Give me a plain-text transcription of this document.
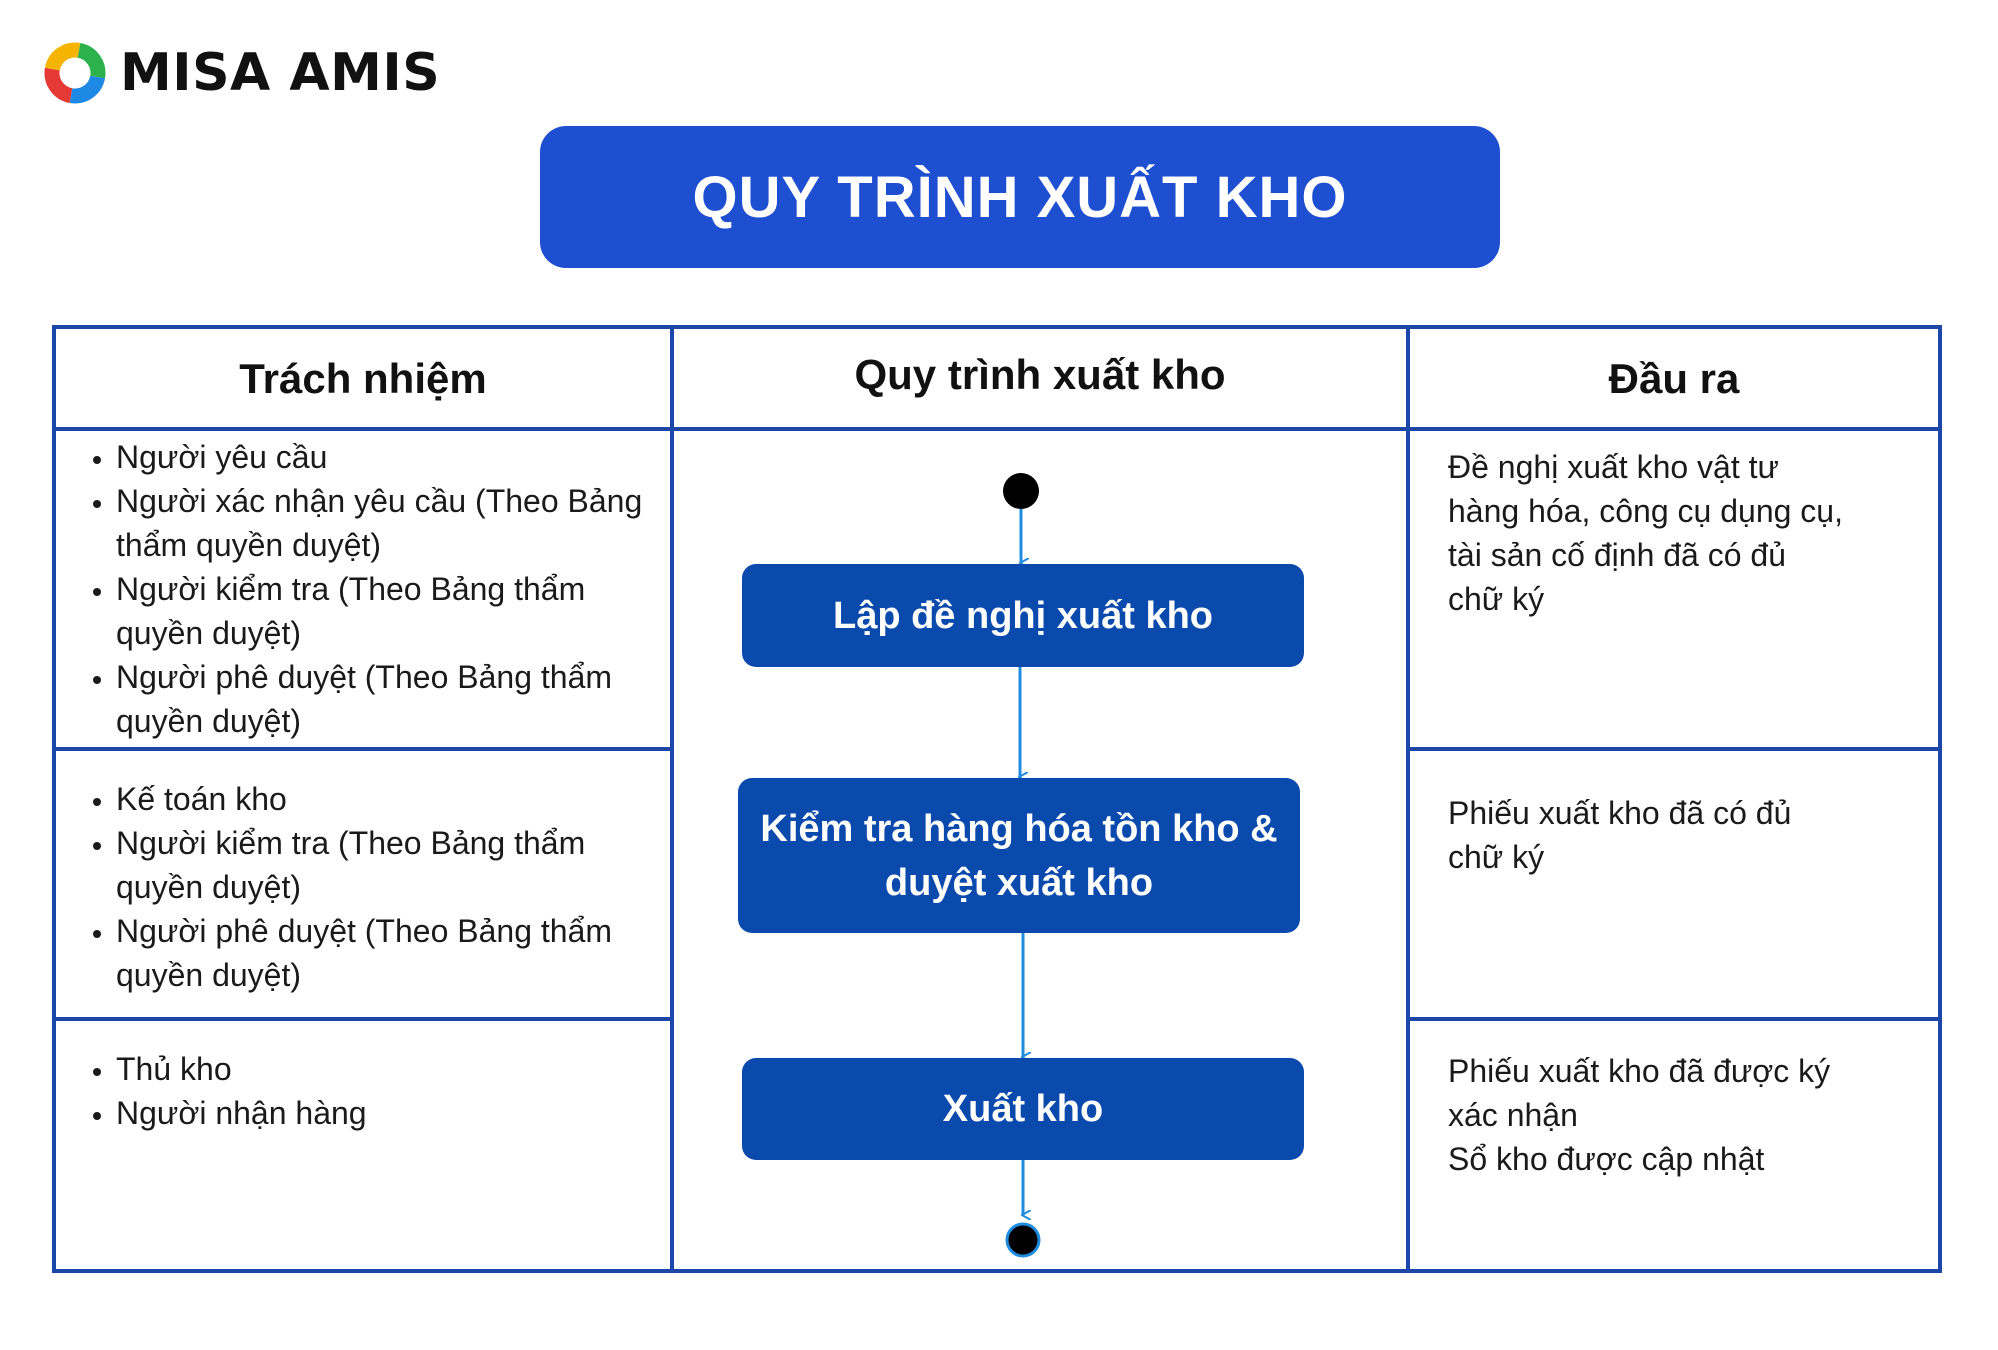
MISA AMIS
QUY TRÌNH XUẤT KHO
Trách nhiệm	Quy trình xuất kho	Đầu ra
• Người yêu cầu
• Người xác nhận yêu cầu (Theo Bảng thẩm quyền duyệt)
• Người kiểm tra (Theo Bảng thẩm quyền duyệt)
• Người phê duyệt (Theo Bảng thẩm quyền duyệt)
• Kế toán kho
• Người kiểm tra (Theo Bảng thẩm quyền duyệt)
• Người phê duyệt (Theo Bảng thẩm quyền duyệt)
• Thủ kho
• Người nhận hàng
Đề nghị xuất kho vật tư hàng hóa, công cụ dụng cụ, tài sản cố định đã có đủ chữ ký
Phiếu xuất kho đã có đủ chữ ký
Phiếu xuất kho đã được ký xác nhận
Sổ kho được cập nhật
Lập đề nghị xuất kho
Kiểm tra hàng hóa tồn kho & duyệt xuất kho
Xuất kho
